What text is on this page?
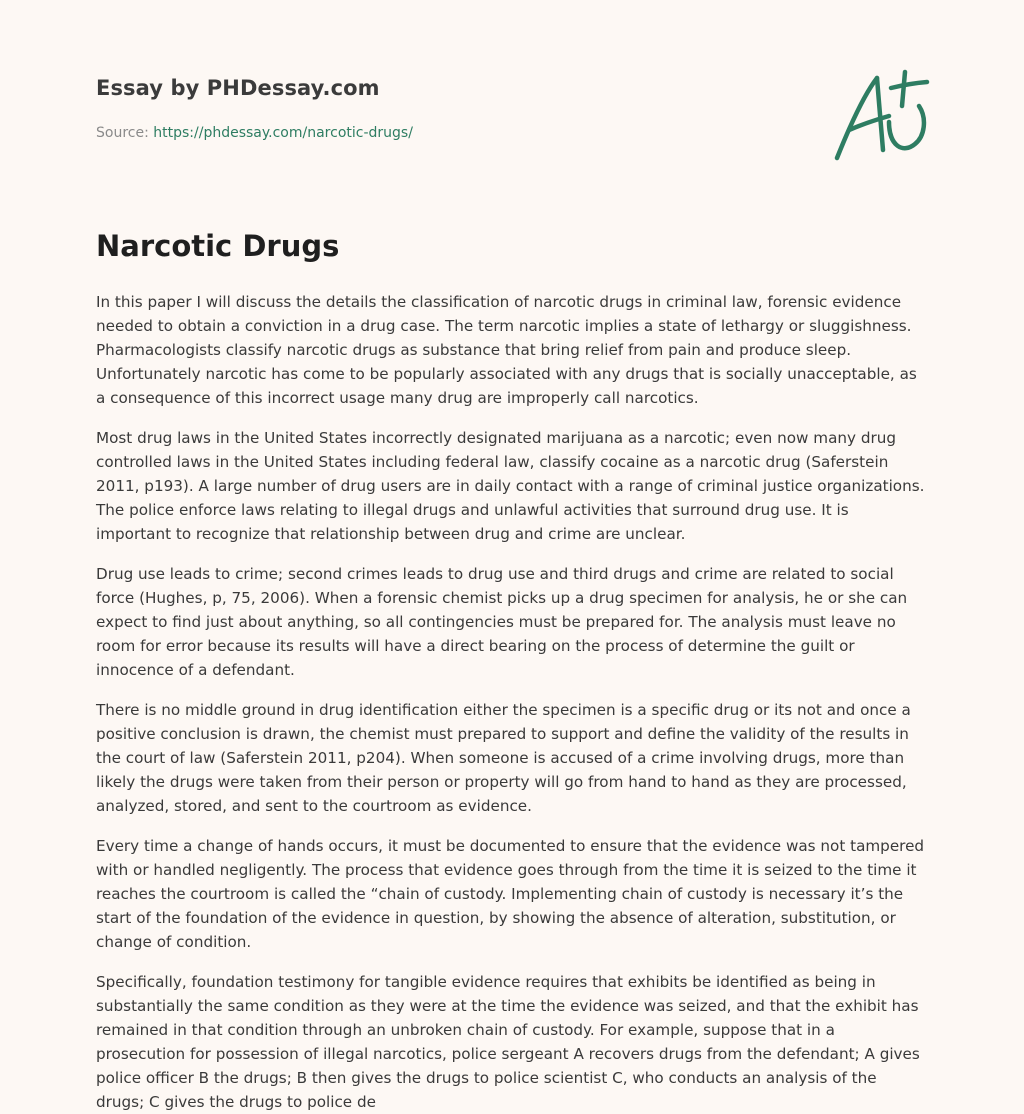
Essay by PHDessay.com
Source: https://phdessay.com/narcotic-drugs/
Narcotic Drugs

In this paper I will discuss the details the classification of narcotic drugs in criminal law, forensic evidence needed to obtain a conviction in a drug case. The term narcotic implies a state of lethargy or sluggishness. Pharmacologists classify narcotic drugs as substance that bring relief from pain and produce sleep. Unfortunately narcotic has come to be popularly associated with any drugs that is socially unacceptable, as a consequence of this incorrect usage many drug are improperly call narcotics.

Most drug laws in the United States incorrectly designated marijuana as a narcotic; even now many drug controlled laws in the United States including federal law, classify cocaine as a narcotic drug (Saferstein 2011, p193). A large number of drug users are in daily contact with a range of criminal justice organizations. The police enforce laws relating to illegal drugs and unlawful activities that surround drug use. It is important to recognize that relationship between drug and crime are unclear.

Drug use leads to crime; second crimes leads to drug use and third drugs and crime are related to social force (Hughes, p, 75, 2006). When a forensic chemist picks up a drug specimen for analysis, he or she can expect to find just about anything, so all contingencies must be prepared for. The analysis must leave no room for error because its results will have a direct bearing on the process of determine the guilt or innocence of a defendant.

There is no middle ground in drug identification either the specimen is a specific drug or its not and once a positive conclusion is drawn, the chemist must prepared to support and define the validity of the results in the court of law (Saferstein 2011, p204). When someone is accused of a crime involving drugs, more than likely the drugs were taken from their person or property will go from hand to hand as they are processed, analyzed, stored, and sent to the courtroom as evidence.

Every time a change of hands occurs, it must be documented to ensure that the evidence was not tampered with or handled negligently. The process that evidence goes through from the time it is seized to the time it reaches the courtroom is called the “chain of custody. Implementing chain of custody is necessary it’s the start of the foundation of the evidence in question, by showing the absence of alteration, substitution, or change of condition.

Specifically, foundation testimony for tangible evidence requires that exhibits be identified as being in substantially the same condition as they were at the time the evidence was seized, and that the exhibit has remained in that condition through an unbroken chain of custody. For example, suppose that in a prosecution for possession of illegal narcotics, police sergeant A recovers drugs from the defendant; A gives police officer B the drugs; B then gives the drugs to police scientist C, who conducts an analysis of the drugs; C gives the drugs to police de
